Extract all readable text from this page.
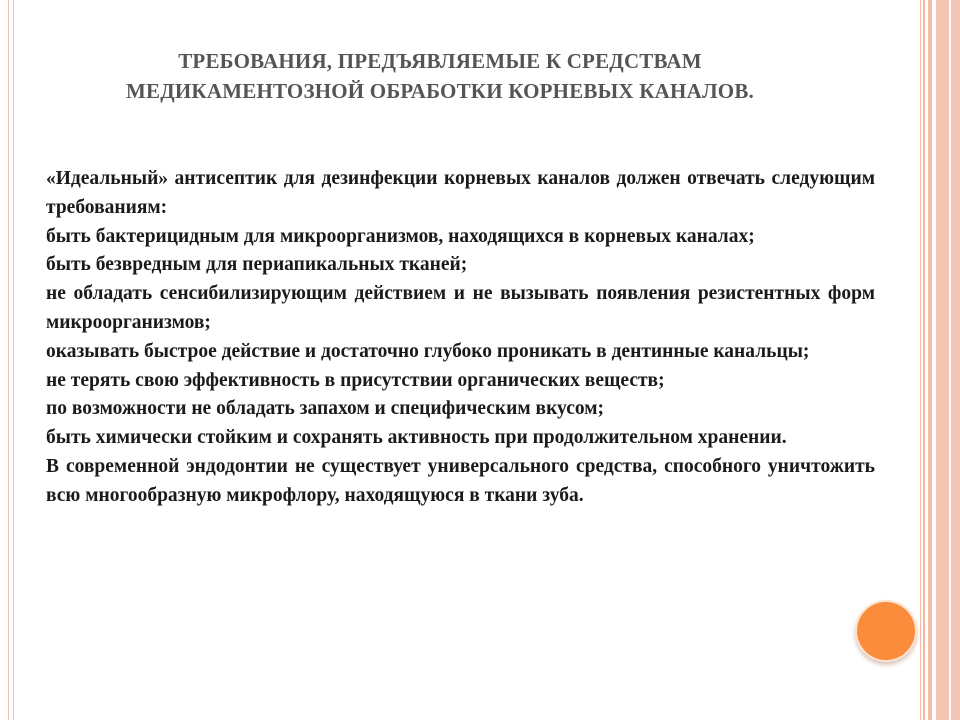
ТРЕБОВАНИЯ, ПРЕДЪЯВЛЯЕМЫЕ К СРЕДСТВАМ
МЕДИКАМЕНТОЗНОЙ ОБРАБОТКИ КОРНЕВЫХ КАНАЛОВ.

«Идеальный» антисептик для дезинфекции корневых каналов должен отвечать следующим требованиям:

быть бактерицидным для микроорганизмов, находящихся в корневых каналах;

быть безвредным для периапикальных тканей;

не обладать сенсибилизирующим действием и не вызывать появления резистентных форм микроорганизмов;

оказывать быстрое действие и достаточно глубоко проникать в дентинные канальцы;

не терять свою эффективность в присутствии органических веществ;

по возможности не обладать запахом и специфическим вкусом;

быть химически стойким и сохранять активность при продолжительном хранении.

В современной эндодонтии не существует универсального средства, способного уничтожить всю многообразную микрофлору, находящуюся в ткани зуба.
